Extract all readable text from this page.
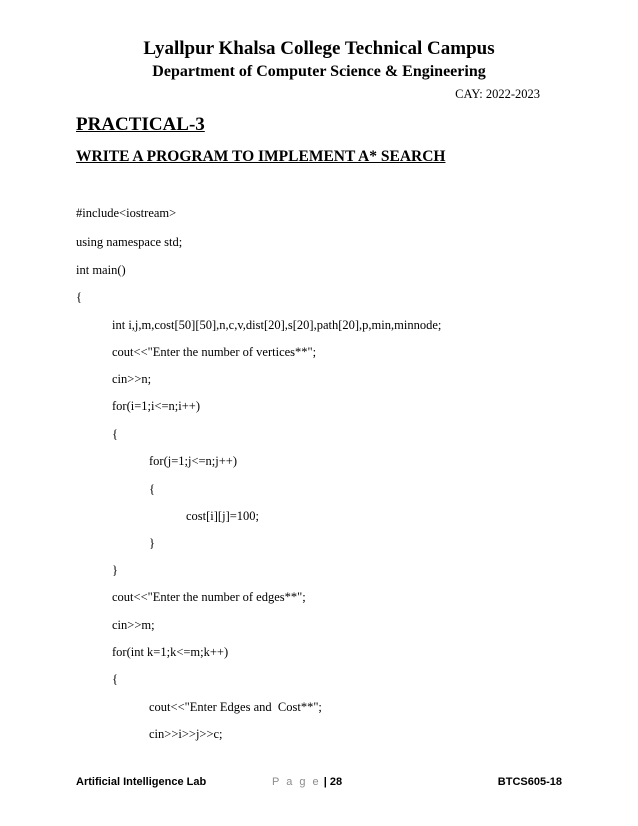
Lyallpur Khalsa College Technical Campus
Department of Computer Science & Engineering
CAY: 2022-2023
PRACTICAL-3
WRITE A PROGRAM TO IMPLEMENT A* SEARCH
#include<iostream>
using namespace std;
int main()
{
int i,j,m,cost[50][50],n,c,v,dist[20],s[20],path[20],p,min,minnode;
cout<<"Enter the number of vertices**";
cin>>n;
for(i=1;i<=n;i++)
{
for(j=1;j<=n;j++)
{
cost[i][j]=100;
}
}
cout<<"Enter the number of edges**";
cin>>m;
for(int k=1;k<=m;k++)
{
cout<<"Enter Edges and  Cost**";
cin>>i>>j>>c;
Artificial Intelligence Lab	P a g e | 28	BTCS605-18
